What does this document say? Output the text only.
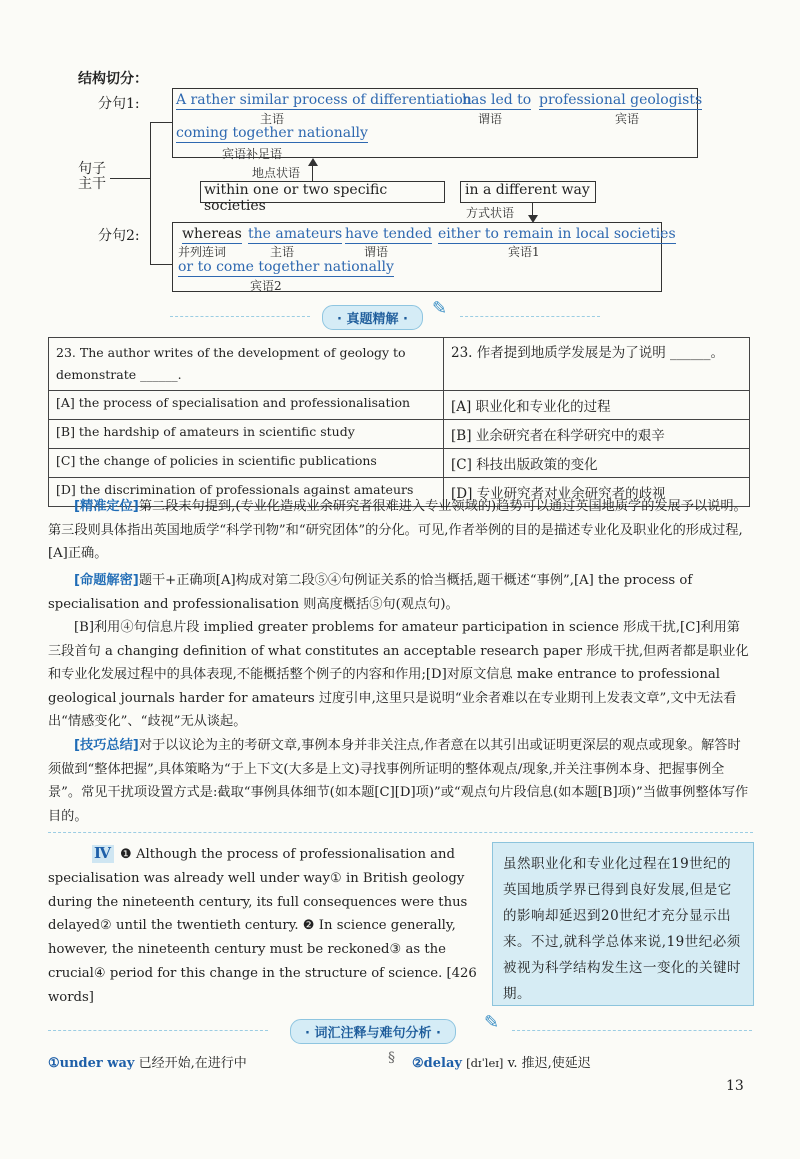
结构切分：
分句1:
句子
主干
分句2:
A rather similar process of differentiation
主语
has led to
谓语
professional geologists
宾语
coming together nationally
宾语补足语
地点状语
within one or two specific societies
in a different way
方式状语
whereas
并列连词
the amateurs
主语
have tended
谓语
either to remain in local societies
宾语1
or to come together nationally
宾语2
· 真题精解 ·
✎
23. The author writes of the development of geology to demonstrate ______.	23. 作者提到地质学发展是为了说明 ______。
[A] the process of specialisation and professionalisation	[A] 职业化和专业化的过程
[B] the hardship of amateurs in scientific study	[B] 业余研究者在科学研究中的艰辛
[C] the change of policies in scientific publications	[C] 科技出版政策的变化
[D] the discrimination of professionals against amateurs	[D] 专业研究者对业余研究者的歧视
[精准定位]第二段末句提到,(专业化造成业余研究者很难进入专业领域的)趋势可以通过英国地质学的发展予以说明。第三段则具体指出英国地质学“科学刊物”和“研究团体”的分化。可见,作者举例的目的是描述专业化及职业化的形成过程,[A]正确。
[命题解密]题干+正确项[A]构成对第二段⑤④句例证关系的恰当概括,题干概述“事例”,[A] the process of specialisation and professionalisation 则高度概括⑤句(观点句)。
[B]利用④句信息片段 implied greater problems for amateur participation in science 形成干扰,[C]利用第三段首句 a changing definition of what constitutes an acceptable research paper 形成干扰,但两者都是职业化和专业化发展过程中的具体表现,不能概括整个例子的内容和作用;[D]对原文信息 make entrance to professional geological journals harder for amateurs 过度引申,这里只是说明“业余者难以在专业期刊上发表文章”,文中无法看出“情感变化”、“歧视”无从谈起。
[技巧总结]对于以议论为主的考研文章,事例本身并非关注点,作者意在以其引出或证明更深层的观点或现象。解答时须做到“整体把握”,具体策略为“于上下文(大多是上文)寻找事例所证明的整体观点/现象,并关注事例本身、把握事例全景”。常见干扰项设置方式是:截取“事例具体细节(如本题[C][D]项)”或“观点句片段信息(如本题[B]项)”当做事例整体写作目的。
Ⅳ ❶ Although the process of professionalisation and specialisation was already well under way① in British geology during the nineteenth century, its full consequences were thus delayed② until the twentieth century. ❷ In science generally, however, the nineteenth century must be reckoned③ as the crucial④ period for this change in the structure of science. [426 words]
虽然职业化和专业化过程在19世纪的英国地质学界已得到良好发展,但是它的影响却延迟到20世纪才充分显示出来。不过,就科学总体来说,19世纪必须被视为科学结构发生这一变化的关键时期。
· 词汇注释与难句分析 ·
✎
①under way 已经开始,在进行中	§ ②delay [dɪˈleɪ] v. 推迟,使延迟
13
